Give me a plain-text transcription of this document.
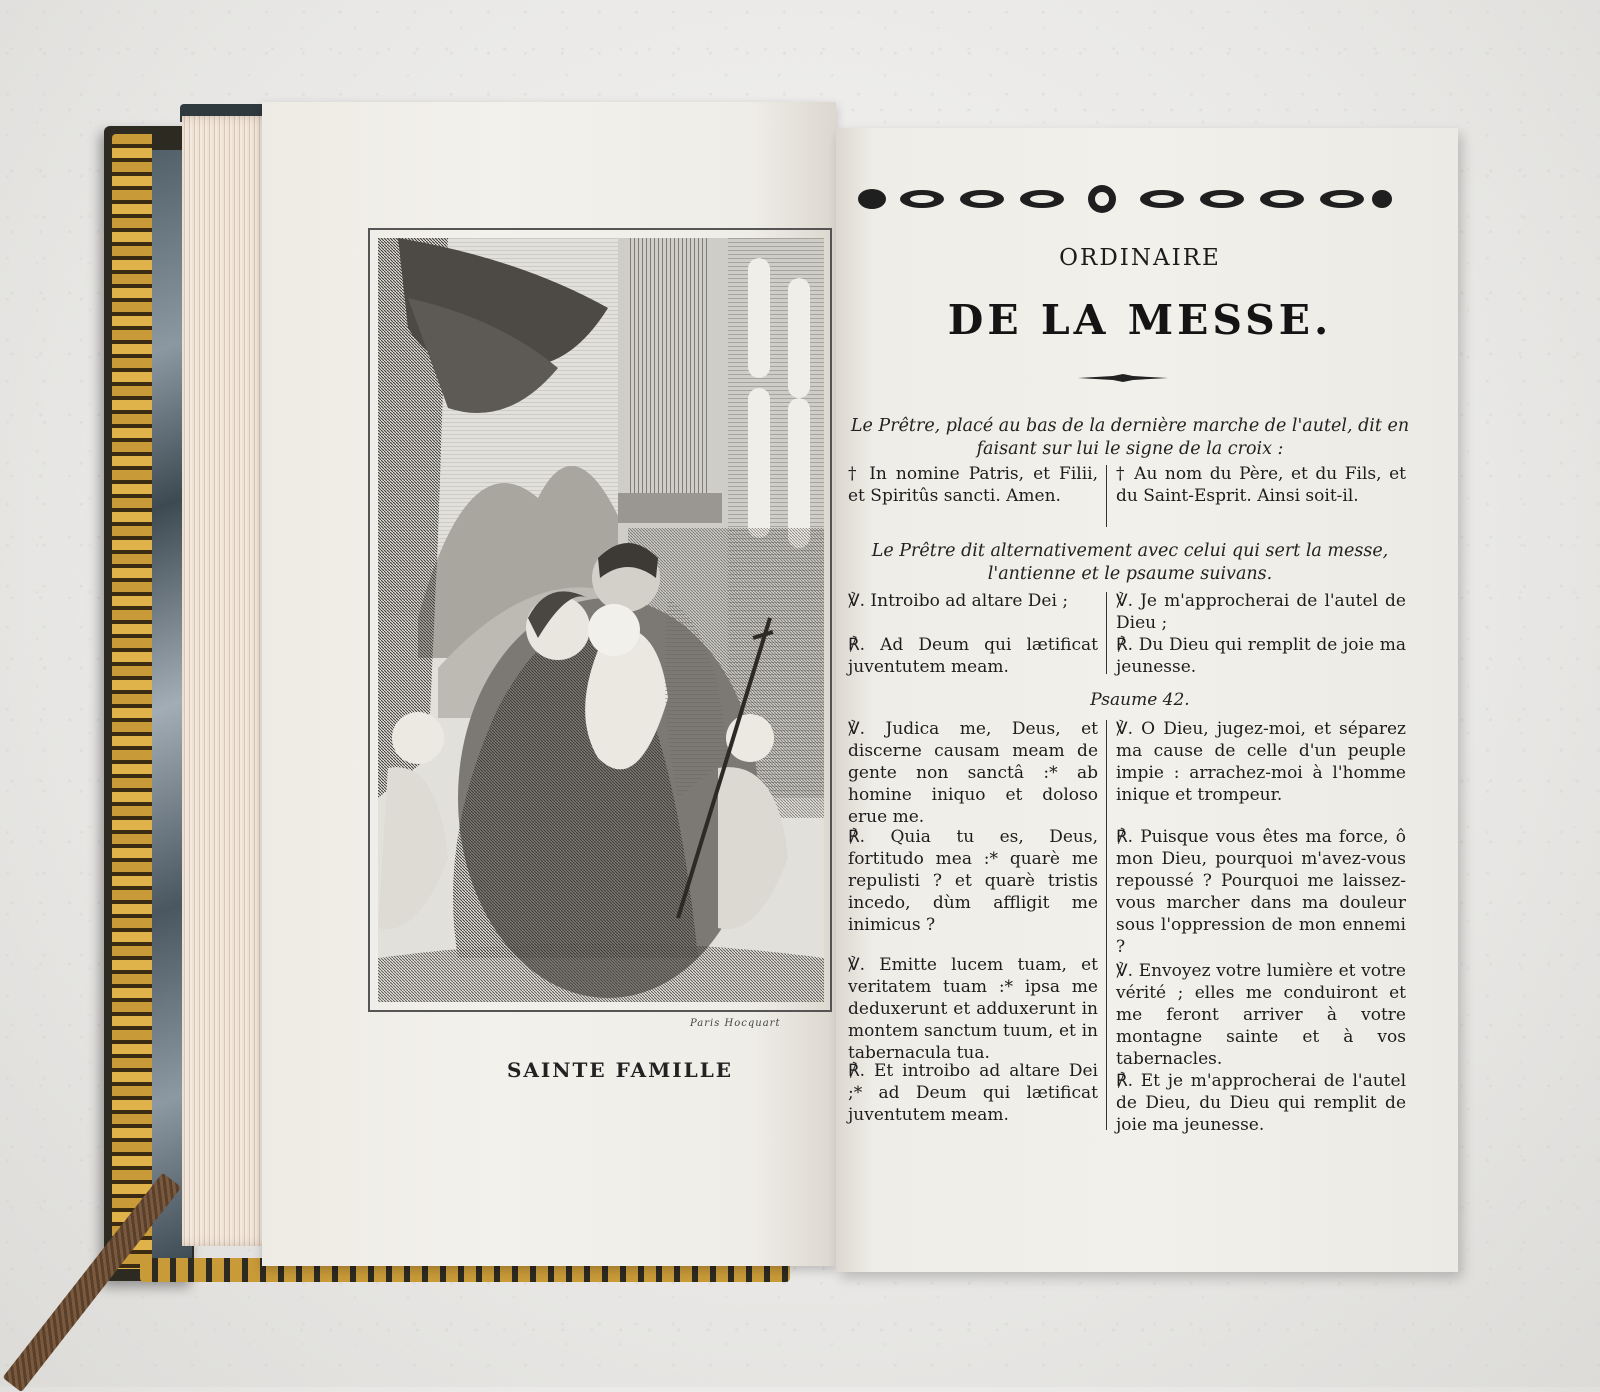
Paris Hocquart
SAINTE FAMILLE
ORDINAIRE
DE LA MESSE.
Le Prêtre, placé au bas de la dernière marche de l'autel, dit en faisant sur lui le signe de la croix :
† In nomine Patris, et Filii, et Spiritûs sancti. Amen.
† Au nom du Père, et du Fils, et du Saint-Esprit. Ainsi soit-il.
Le Prêtre dit alternativement avec celui qui sert la messe, l'antienne et le psaume suivans.
℣. Introibo ad altare Dei ;
℟. Ad Deum qui lætificat juventutem meam.
℣. Je m'approcherai de l'autel de Dieu ;
℟. Du Dieu qui remplit de joie ma jeunesse.
Psaume 42.
℣. Judica me, Deus, et discerne causam meam de gente non sanctâ :* ab homine iniquo et doloso erue me.
℟. Quia tu es, Deus, fortitudo mea :* quarè me repulisti ? et quarè tristis incedo, dùm affligit me inimicus ?
℣. Emitte lucem tuam, et veritatem tuam :* ipsa me deduxerunt et adduxerunt in montem sanctum tuum, et in tabernacula tua.
℟. Et introibo ad altare Dei ;* ad Deum qui lætificat juventutem meam.
℣. O Dieu, jugez-moi, et séparez ma cause de celle d'un peuple impie : arrachez-moi à l'homme inique et trompeur.
℟. Puisque vous êtes ma force, ô mon Dieu, pourquoi m'avez-vous repoussé ? Pourquoi me laissez-vous marcher dans ma douleur sous l'oppression de mon ennemi ?
℣. Envoyez votre lumière et votre vérité ; elles me conduiront et me feront arriver à votre montagne sainte et à vos tabernacles.
℟. Et je m'approcherai de l'autel de Dieu, du Dieu qui remplit de joie ma jeunesse.
